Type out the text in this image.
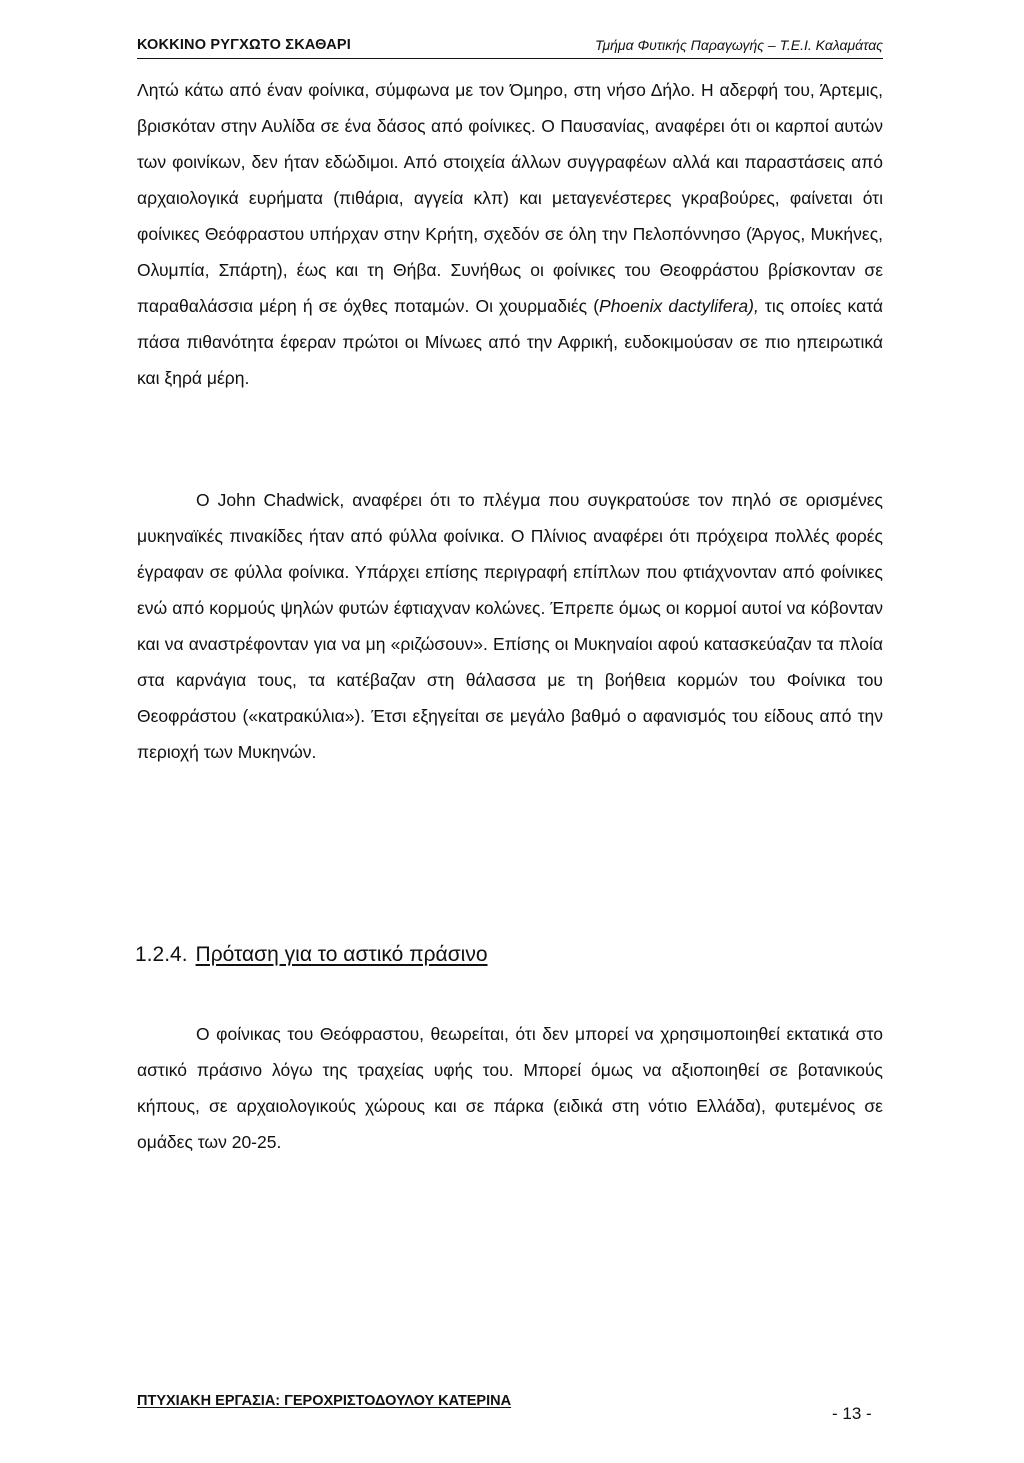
ΚΟΚΚΙΝΟ ΡΥΓΧΩΤΟ ΣΚΑΘΑΡΙ	Τμήμα Φυτικής Παραγωγής – Τ.Ε.Ι. Καλαμάτας

Λητώ κάτω από έναν φοίνικα, σύμφωνα με τον Όμηρο, στη νήσο Δήλο. Η αδερφή του, Άρτεμις, βρισκόταν στην Αυλίδα σε ένα δάσος από φοίνικες. Ο Παυσανίας, αναφέρει ότι οι καρποί αυτών των φοινίκων, δεν ήταν εδώδιμοι. Από στοιχεία άλλων συγγραφέων αλλά και παραστάσεις από αρχαιολογικά ευρήματα (πιθάρια, αγγεία κλπ) και μεταγενέστερες γκραβούρες, φαίνεται ότι φοίνικες Θεόφραστου υπήρχαν στην Κρήτη, σχεδόν σε όλη την Πελοπόννησο (Άργος, Μυκήνες, Ολυμπία, Σπάρτη), έως και τη Θήβα. Συνήθως οι φοίνικες του Θεοφράστου βρίσκονταν σε παραθαλάσσια μέρη ή σε όχθες ποταμών. Οι χουρμαδιές (Phoenix dactylifera), τις οποίες κατά πάσα πιθανότητα έφεραν πρώτοι οι Μίνωες από την Αφρική, ευδοκιμούσαν σε πιο ηπειρωτικά και ξηρά μέρη.

Ο John Chadwick, αναφέρει ότι το πλέγμα που συγκρατούσε τον πηλό σε ορισμένες μυκηναϊκές πινακίδες ήταν από φύλλα φοίνικα. Ο Πλίνιος αναφέρει ότι πρόχειρα πολλές φορές έγραφαν σε φύλλα φοίνικα. Υπάρχει επίσης περιγραφή επίπλων που φτιάχνονταν από φοίνικες ενώ από κορμούς ψηλών φυτών έφτιαχναν κολώνες. Έπρεπε όμως οι κορμοί αυτοί να κόβονταν και να αναστρέφονταν για να μη «ριζώσουν». Επίσης οι Μυκηναίοι αφού κατασκεύαζαν τα πλοία στα καρνάγια τους, τα κατέβαζαν στη θάλασσα με τη βοήθεια κορμών του Φοίνικα του Θεοφράστου («κατρακύλια»). Έτσι εξηγείται σε μεγάλο βαθμό ο αφανισμός του είδους από την περιοχή των Μυκηνών.

1.2.4. Πρόταση για το αστικό πράσινο

Ο φοίνικας του Θεόφραστου, θεωρείται, ότι δεν μπορεί να χρησιμοποιηθεί εκτατικά στο αστικό πράσινο λόγω της τραχείας υφής του. Μπορεί όμως να αξιοποιηθεί σε βοτανικούς κήπους, σε αρχαιολογικούς χώρους και σε πάρκα (ειδικά στη νότιο Ελλάδα), φυτεμένος σε ομάδες των 20-25.

ΠΤΥΧΙΑΚΗ ΕΡΓΑΣΙΑ: ΓΕΡΟΧΡΙΣΤΟΔΟΥΛΟΥ ΚΑΤΕΡΙΝΑ
- 13 -
